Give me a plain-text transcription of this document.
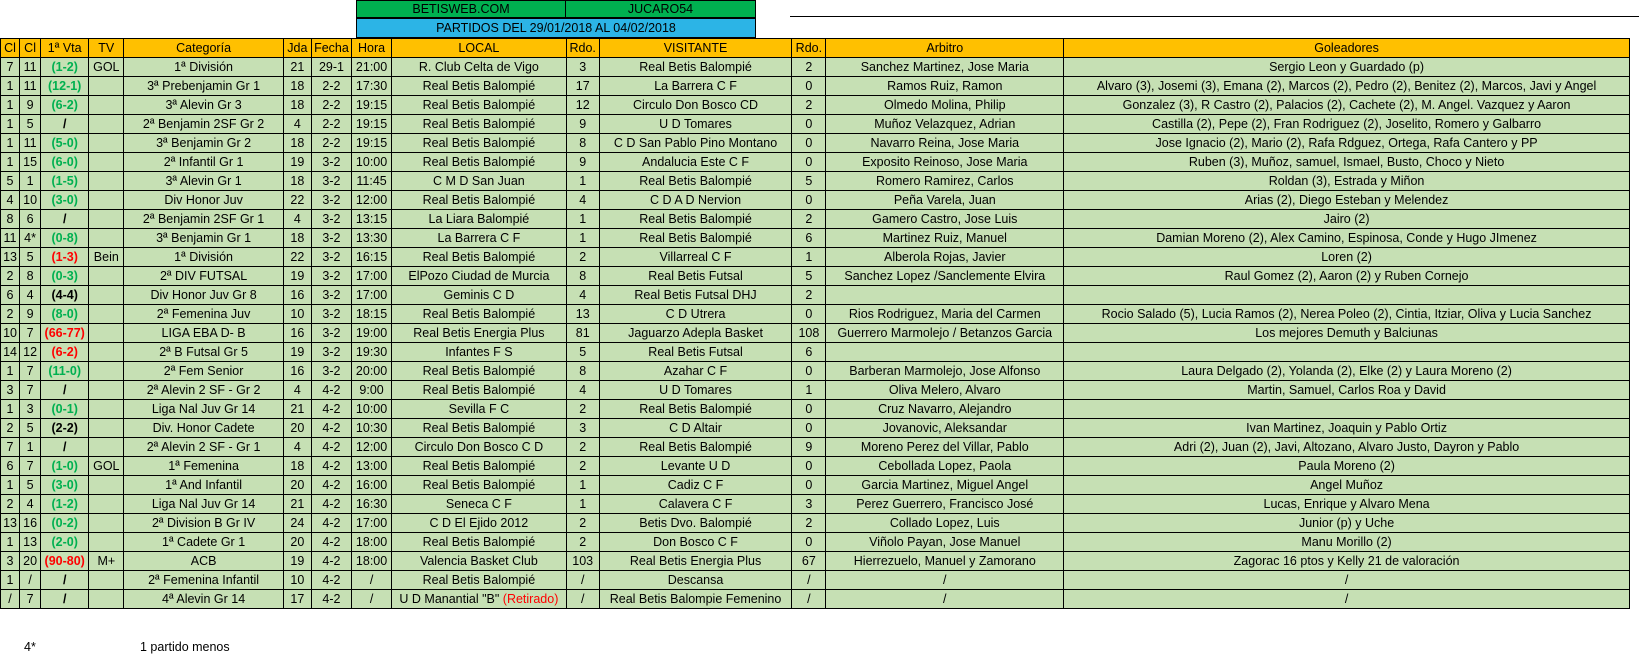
BETISWEB.COM	JUCARO54
PARTIDOS DEL 29/01/2018 AL 04/02/2018
Cl	Cl	1ª Vta	TV	Categoría	Jda	Fecha	Hora	LOCAL	Rdo.	VISITANTE	Rdo.	Arbitro	Goleadores
7	11	(1-2)	GOL	1ª División	21	29-1	21:00	R. Club Celta de Vigo	3	Real Betis Balompié	2	Sanchez Martinez, Jose Maria	Sergio Leon y Guardado (p)
1	11	(12-1)		3ª Prebenjamin Gr 1	18	2-2	17:30	Real Betis Balompié	17	La Barrera C F	0	Ramos Ruiz, Ramon	Alvaro (3), Josemi (3), Emana (2), Marcos (2), Pedro (2), Benitez (2), Marcos, Javi y Angel
1	9	(6-2)		3ª Alevin Gr 3	18	2-2	19:15	Real Betis Balompié	12	Circulo Don Bosco CD	2	Olmedo Molina, Philip	Gonzalez (3), R Castro (2), Palacios (2), Cachete (2), M. Angel. Vazquez y Aaron
1	5	/		2ª Benjamin 2SF Gr 2	4	2-2	19:15	Real Betis Balompié	9	U D Tomares	0	Muñoz Velazquez, Adrian	Castilla (2), Pepe (2), Fran Rodriguez (2), Joselito, Romero y Galbarro
1	11	(5-0)		3ª Benjamin Gr 2	18	2-2	19:15	Real Betis Balompié	8	C D San Pablo Pino Montano	0	Navarro Reina, Jose Maria	Jose Ignacio (2), Mario (2), Rafa Rdguez, Ortega, Rafa Cantero y PP
1	15	(6-0)		2ª Infantil Gr 1	19	3-2	10:00	Real Betis Balompié	9	Andalucia Este C F	0	Exposito Reinoso, Jose Maria	Ruben (3), Muñoz, samuel, Ismael, Busto, Choco y Nieto
5	1	(1-5)		3ª Alevin Gr 1	18	3-2	11:45	C M D San Juan	1	Real Betis Balompié	5	Romero Ramirez, Carlos	Roldan (3), Estrada y Miñon
4	10	(3-0)		Div Honor Juv	22	3-2	12:00	Real Betis Balompié	4	C D A D Nervion	0	Peña Varela, Juan	Arias (2), Diego Esteban y Melendez
8	6	/		2ª Benjamin 2SF Gr 1	4	3-2	13:15	La Liara Balompié	1	Real Betis Balompié	2	Gamero Castro, Jose Luis	Jairo (2)
11	4*	(0-8)		3ª Benjamin Gr 1	18	3-2	13:30	La Barrera C F	1	Real Betis Balompié	6	Martinez Ruiz, Manuel	Damian Moreno (2), Alex Camino, Espinosa, Conde y Hugo JImenez
13	5	(1-3)	Bein	1ª División	22	3-2	16:15	Real Betis Balompié	2	Villarreal C F	1	Alberola Rojas, Javier	Loren (2)
2	8	(0-3)		2ª DIV FUTSAL	19	3-2	17:00	ElPozo Ciudad de Murcia	8	Real Betis Futsal	5	Sanchez Lopez /Sanclemente Elvira	Raul Gomez (2), Aaron (2) y Ruben Cornejo
6	4	(4-4)		Div Honor Juv Gr 8	16	3-2	17:00	Geminis C D	4	Real Betis Futsal DHJ	2		
2	9	(8-0)		2ª Femenina Juv	10	3-2	18:15	Real Betis Balompié	13	C D Utrera	0	Rios Rodriguez, Maria del Carmen	Rocio Salado (5), Lucia Ramos (2), Nerea Poleo (2), Cintia, Itziar, Oliva y Lucia Sanchez
10	7	(66-77)		LIGA EBA D- B	16	3-2	19:00	Real Betis Energia Plus	81	Jaguarzo Adepla Basket	108	Guerrero Marmolejo / Betanzos Garcia	Los mejores Demuth y Balciunas
14	12	(6-2)		2ª B Futsal Gr 5	19	3-2	19:30	Infantes F S	5	Real Betis Futsal	6		
1	7	(11-0)		2ª Fem Senior	16	3-2	20:00	Real Betis Balompié	8	Azahar C F	0	Barberan Marmolejo, Jose Alfonso	Laura Delgado (2), Yolanda (2), Elke (2) y Laura Moreno (2)
3	7	/		2ª Alevin 2 SF - Gr 2	4	4-2	9:00	Real Betis Balompié	4	U D Tomares	1	Oliva Melero, Alvaro	Martin, Samuel, Carlos Roa y David
1	3	(0-1)		Liga Nal Juv Gr 14	21	4-2	10:00	Sevilla F C	2	Real Betis Balompié	0	Cruz Navarro, Alejandro	
2	5	(2-2)		Div. Honor Cadete	20	4-2	10:30	Real Betis Balompié	3	C D Altair	0	Jovanovic, Aleksandar	Ivan Martinez, Joaquin y Pablo Ortiz
7	1	/		2ª Alevin 2 SF - Gr 1	4	4-2	12:00	Circulo Don Bosco C D	2	Real Betis Balompié	9	Moreno Perez del Villar, Pablo	Adri (2), Juan (2), Javi, Altozano, Alvaro Justo, Dayron y Pablo
6	7	(1-0)	GOL	1ª Femenina	18	4-2	13:00	Real Betis Balompié	2	Levante U D	0	Cebollada Lopez, Paola	Paula Moreno (2)
1	5	(3-0)		1ª And Infantil	20	4-2	16:00	Real Betis Balompié	1	Cadiz C F	0	Garcia Martinez, Miguel Angel	Angel Muñoz
2	4	(1-2)		Liga Nal Juv Gr 14	21	4-2	16:30	Seneca C F	1	Calavera C F	3	Perez Guerrero, Francisco José	Lucas, Enrique y Alvaro Mena
13	16	(0-2)		2ª Division B Gr IV	24	4-2	17:00	C D El Ejido 2012	2	Betis Dvo. Balompié	2	Collado Lopez, Luis	Junior (p) y Uche
1	13	(2-0)		1ª Cadete Gr 1	20	4-2	18:00	Real Betis Balompié	2	Don Bosco C F	0	Viñolo Payan, Jose Manuel	Manu Morillo (2)
3	20	(90-80)	M+	ACB	19	4-2	18:00	Valencia Basket Club	103	Real Betis Energia Plus	67	Hierrezuelo, Manuel y Zamorano	Zagorac 16 ptos y Kelly 21 de valoración
1	/	/		2ª Femenina Infantil	10	4-2	/	Real Betis Balompié	/	Descansa	/	/	/
/	7	/		4ª Alevin Gr 14	17	4-2	/	U D Manantial "B" (Retirado)	/	Real Betis Balompie Femenino	/	/	/
4*	1 partido menos
